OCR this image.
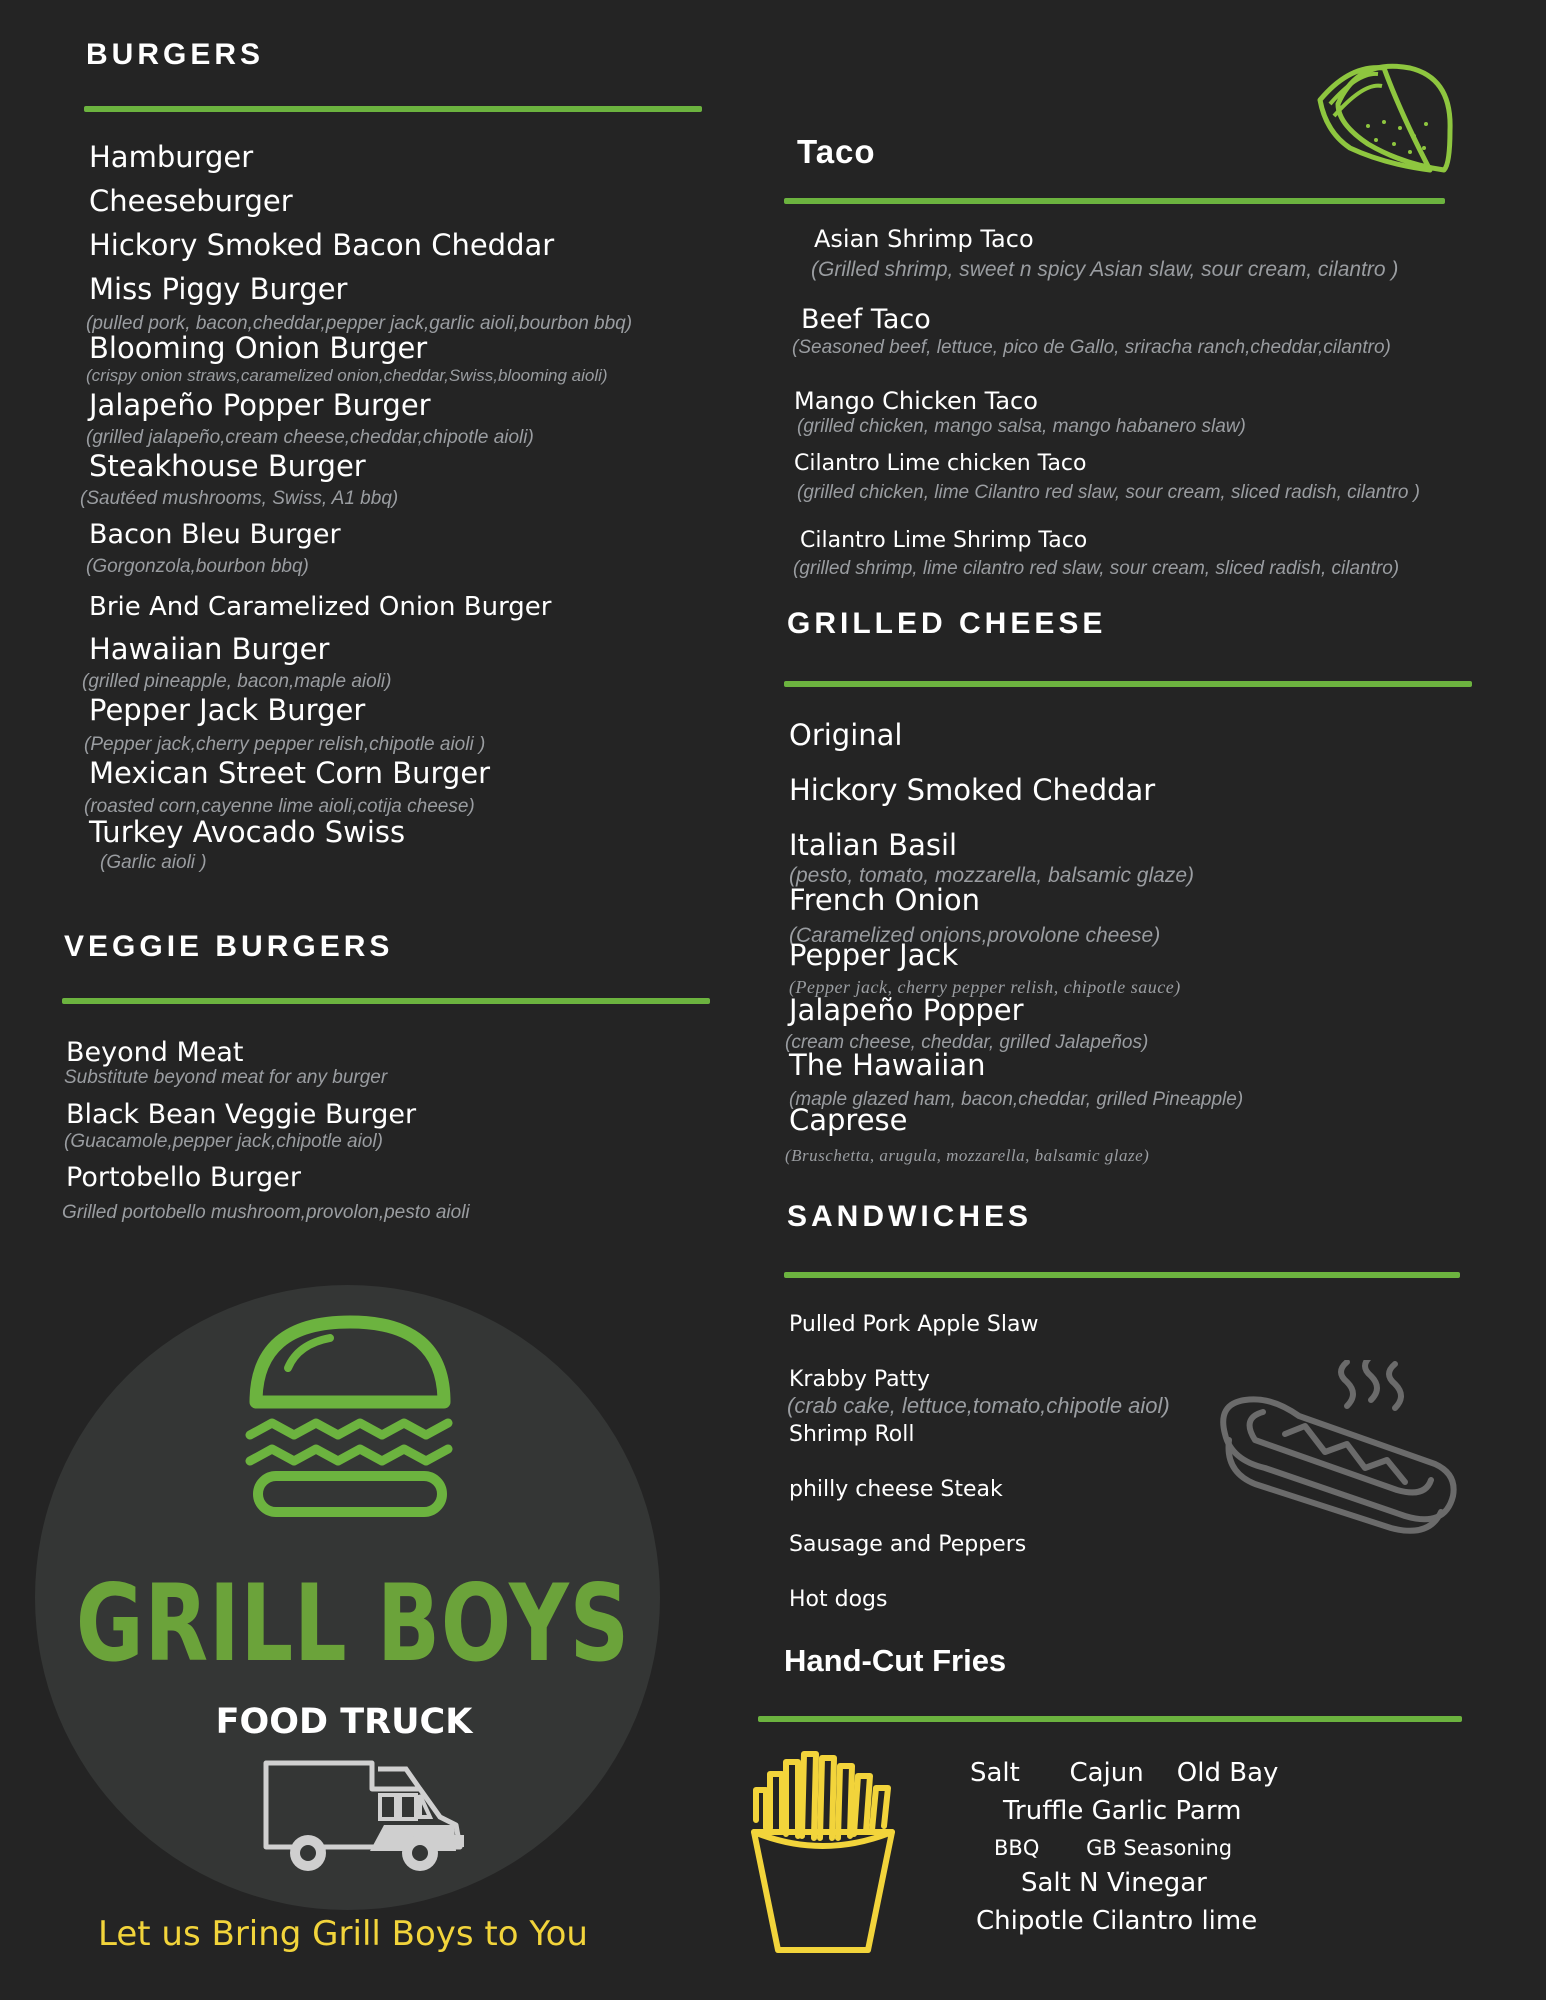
BURGERS
Hamburger
Cheeseburger
Hickory Smoked Bacon Cheddar
Miss Piggy Burger
(pulled pork, bacon,cheddar,pepper jack,garlic aioli,bourbon bbq)
Blooming Onion Burger
(crispy onion straws,caramelized onion,cheddar,Swiss,blooming aioli)
Jalapeño Popper Burger
(grilled jalapeño,cream cheese,cheddar,chipotle aioli)
Steakhouse Burger
(Sautéed mushrooms, Swiss, A1 bbq)
Bacon Bleu Burger
(Gorgonzola,bourbon bbq)
Brie And Caramelized Onion Burger
Hawaiian Burger
(grilled pineapple, bacon,maple aioli)
Pepper Jack Burger
(Pepper jack,cherry pepper relish,chipotle aioli )
Mexican Street Corn Burger
(roasted corn,cayenne lime aioli,cotija cheese)
Turkey Avocado Swiss
(Garlic aioli )
VEGGIE BURGERS
Beyond Meat
Substitute beyond meat for any burger
Black Bean Veggie Burger
(Guacamole,pepper jack,chipotle aiol)
Portobello Burger
Grilled portobello mushroom,provolon,pesto aioli
GRILL BOYS
FOOD TRUCK
Let us Bring Grill Boys to You
Taco
Asian Shrimp Taco
(Grilled shrimp, sweet n spicy Asian slaw, sour cream, cilantro )
Beef Taco
(Seasoned beef, lettuce, pico de Gallo, sriracha ranch,cheddar,cilantro)
Mango Chicken Taco
(grilled chicken, mango salsa, mango habanero slaw)
Cilantro Lime chicken Taco
(grilled chicken, lime Cilantro red slaw, sour cream, sliced radish, cilantro )
Cilantro Lime Shrimp Taco
(grilled shrimp, lime cilantro red slaw, sour cream, sliced radish, cilantro)
GRILLED CHEESE
Original
Hickory Smoked Cheddar
Italian Basil
(pesto, tomato, mozzarella, balsamic glaze)
French Onion
(Caramelized onions,provolone cheese)
Pepper Jack
(Pepper jack, cherry pepper relish, chipotle sauce)
Jalapeño Popper
(cream cheese, cheddar, grilled Jalapeños)
The Hawaiian
(maple glazed ham, bacon,cheddar, grilled Pineapple)
Caprese
(Bruschetta, arugula, mozzarella, balsamic glaze)
SANDWICHES
Pulled Pork Apple Slaw
Krabby Patty
(crab cake, lettuce,tomato,chipotle aiol)
Shrimp Roll
philly cheese Steak
Sausage and Peppers
Hot dogs
Hand-Cut Fries
Salt      Cajun    Old Bay
Truffle Garlic Parm
BBQ       GB Seasoning
Salt N Vinegar
Chipotle Cilantro lime
